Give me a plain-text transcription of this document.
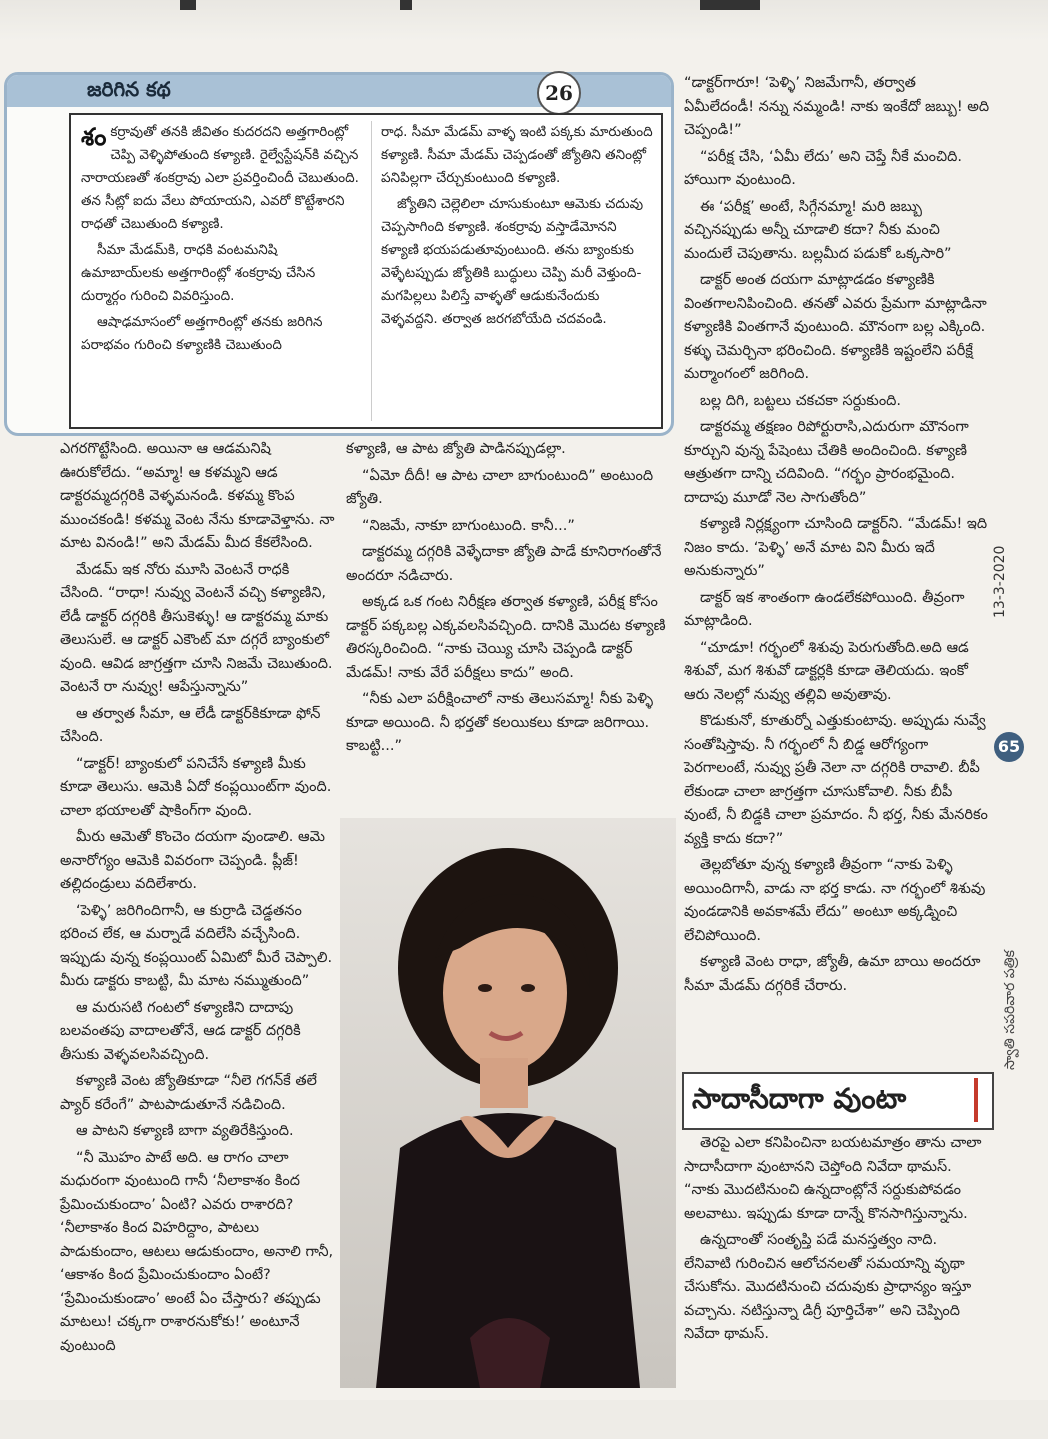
జరిగిన కథ	26

శంకర్రావుతో తనకి జీవితం కుదరదని అత్తగారింట్లో చెప్పి వెళ్ళిపోతుంది కళ్యాణి. రైల్వేస్టేషన్‌కి వచ్చిన నారాయణతో శంకర్రావు ఎలా ప్రవర్తించిందీ చెబుతుంది. తన సీట్లో ఐదు వేలు పోయాయని, ఎవరో కొట్టేశారని రాధతో చెబుతుంది కళ్యాణి.

సీమా మేడమ్‌కి, రాధకి వంటమనిషి ఉమాబాయ్‌లకు అత్తగారింట్లో శంకర్రావు చేసిన దుర్మార్గం గురించి వివరిస్తుంది.

ఆషాఢమాసంలో అత్తగారింట్లో తనకు జరిగిన పరాభవం గురించి కళ్యాణికి చెబుతుంది

రాధ. సీమా మేడమ్ వాళ్ళ ఇంటి పక్కకు మారుతుంది కళ్యాణి. సీమా మేడమ్ చెప్పడంతో జ్యోతిని తనింట్లో పనిపిల్లగా చేర్చుకుంటుంది కళ్యాణి.

జ్యోతిని చెల్లెలిలా చూసుకుంటూ ఆమెకు చదువు చెప్పసాగింది కళ్యాణి. శంకర్రావు వస్తాడేమోనని కళ్యాణి భయపడుతూవుంటుంది. తను బ్యాంకుకు వెళ్ళేటప్పుడు జ్యోతికి బుద్ధులు చెప్పి మరీ వెళ్తుంది- మగపిల్లలు పిలిస్తే వాళ్ళతో ఆడుకునేందుకు వెళ్ళవద్దని. తర్వాత జరగబోయేది చదవండి.

ఎగరగొట్టేసింది. అయినా ఆ ఆడమనిషి ఊరుకోలేదు. “అమ్మా! ఆ కళమ్మని ఆడ డాక్టరమ్మదగ్గరికి వెళ్ళమనండి. కళమ్మ కొంప ముంచకండి! కళమ్మ వెంట నేను కూడావెళ్తాను. నా మాట వినండి!” అని మేడమ్ మీద కేకలేసింది.

మేడమ్ ఇక నోరు మూసి వెంటనే రాధకి చేసింది. “రాధా! నువ్వు వెంటనే వచ్చి కళ్యాణిని, లేడీ డాక్టర్ దగ్గరికి తీసుకెళ్ళు! ఆ డాక్టరమ్మ మాకు తెలుసులే. ఆ డాక్టర్ ఎకౌంట్ మా దగ్గరే బ్యాంకులో వుంది. ఆవిడ జాగ్రత్తగా చూసి నిజమే చెబుతుంది. వెంటనే రా నువ్వు! ఆపేస్తున్నాను”

ఆ తర్వాత సీమా, ఆ లేడీ డాక్టర్‌కికూడా ఫోన్ చేసింది.

“డాక్టర్! బ్యాంకులో పనిచేసే కళ్యాణి మీకు కూడా తెలుసు. ఆమెకి ఏదో కంప్లయింట్‌గా వుంది. చాలా భయాలతో షాకింగ్‌గా వుంది.

మీరు ఆమెతో కొంచెం దయగా వుండాలి. ఆమె అనారోగ్యం ఆమెకి వివరంగా చెప్పండి. ప్లీజ్! తల్లిదండ్రులు వదిలేశారు.

‘పెళ్ళి’ జరిగిందిగానీ, ఆ కుర్రాడి చెడ్డతనం భరించ లేక, ఆ మర్నాడే వదిలేసి వచ్చేసింది. ఇప్పుడు వున్న కంప్లయింట్ ఏమిటో మీరే చెప్పాలి. మీరు డాక్టరు కాబట్టి, మీ మాట నమ్ముతుంది”

ఆ మరుసటి గంటలో కళ్యాణిని దాదాపు బలవంతపు వాదాలతోనే, ఆడ డాక్టర్ దగ్గరికి తీసుకు వెళ్ళవలసివచ్చింది.

కళ్యాణి వెంట జ్యోతికూడా “నీలె గగన్‌కే తలే ప్యార్ కరేంగే” పాటపాడుతూనే నడిచింది.

ఆ పాటని కళ్యాణి బాగా వ్యతిరేకిస్తుంది.

“నీ మొహం పాటే అది. ఆ రాగం చాలా మధురంగా వుంటుంది గానీ ‘నీలాకాశం కింద ప్రేమించుకుందాం’ ఏంటి? ఎవరు రాశారది? ‘నీలాకాశం కింద విహరిద్దాం, పాటలు పాడుకుందాం, ఆటలు ఆడుకుందాం, అనాలి గానీ, ‘ఆకాశం కింద ప్రేమించుకుందాం ఏంటే? ‘ప్రేమించుకుండాం’ అంటే ఏం చేస్తారు? తప్పుడు మాటలు! చక్కగా రాశారనుకోకు!’ అంటూనే వుంటుంది

కళ్యాణి, ఆ పాట జ్యోతి పాడినప్పుడల్లా.

“ఏమో దీదీ! ఆ పాట చాలా బాగుంటుంది” అంటుంది జ్యోతి.

“నిజమే, నాకూ బాగుంటుంది. కానీ...”

డాక్టరమ్మ దగ్గరికి వెళ్ళేదాకా జ్యోతి పాడే కూనిరాగంతోనే అందరూ నడిచారు.

అక్కడ ఒక గంట నిరీక్షణ తర్వాత కళ్యాణి, పరీక్ష కోసం డాక్టర్ పక్కబల్ల ఎక్కవలసివచ్చింది. దానికి మొదట కళ్యాణి తిరస్కరించింది. “నాకు చెయ్యి చూసి చెప్పండి డాక్టర్ మేడమ్! నాకు వేరే పరీక్షలు కాదు” అంది.

“నీకు ఎలా పరీక్షించాలో నాకు తెలుసమ్మా! నీకు పెళ్ళి కూడా అయింది. నీ భర్తతో కలయికలు కూడా జరిగాయి. కాబట్టి...”

“డాక్టర్‌గారూ! ‘పెళ్ళి’ నిజమేగానీ, తర్వాత ఏమీలేదండీ! నన్ను నమ్మండి! నాకు ఇంకేదో జబ్బు! అది చెప్పండి!”

“పరీక్ష చేసి, ‘ఏమీ లేదు’ అని చెప్తే నీకే మంచిది. హాయిగా వుంటుంది.

ఈ ‘పరీక్ష’ అంటే, సిగ్గేనమ్మా! మరి జబ్బు వచ్చినప్పుడు అన్నీ చూడాలి కదా? నీకు మంచి మందులే చెపుతాను. బల్లమీద పడుకో ఒక్కసారి”

డాక్టర్ అంత దయగా మాట్లాడడం కళ్యాణికి వింతగాలనిపించింది. తనతో ఎవరు ప్రేమగా మాట్లాడినా కళ్యాణికి వింతగానే వుంటుంది. మౌనంగా బల్ల ఎక్కింది. కళ్ళు చెమర్చినా భరించింది. కళ్యాణికి ఇష్టంలేని పరీక్షే మర్మాంగంలో జరిగింది.

బల్ల దిగి, బట్టలు చకచకా సర్దుకుంది.

డాక్టరమ్మ తక్షణం రిపోర్టురాసి,ఎదురుగా మౌనంగా కూర్చుని వున్న పేషెంటు చేతికి అందించింది. కళ్యాణి ఆత్రుతగా దాన్ని చదివింది. “గర్భం ప్రారంభమైంది. దాదాపు మూడో నెల సాగుతోంది”

కళ్యాణి నిర్లక్ష్యంగా చూసింది డాక్టర్‌ని. “మేడమ్! ఇది నిజం కాదు. ‘పెళ్ళి’ అనే మాట విని మీరు ఇదే అనుకున్నారు”

డాక్టర్ ఇక శాంతంగా ఉండలేకపోయింది. తీవ్రంగా మాట్లాడింది.

“చూడూ! గర్భంలో శిశువు పెరుగుతోంది.అది ఆడ శిశువో, మగ శిశువో డాక్టర్లకి కూడా తెలియదు. ఇంకో ఆరు నెలల్లో నువ్వు తల్లివి అవుతావు.

కొడుకునో, కూతుర్నో ఎత్తుకుంటావు. అప్పుడు నువ్వే సంతోషిస్తావు. నీ గర్భంలో నీ బిడ్డ ఆరోగ్యంగా పెరగాలంటే, నువ్వు ప్రతీ నెలా నా దగ్గరికి రావాలి. బీపీ లేకుండా చాలా జాగ్రత్తగా చూసుకోవాలి. నీకు బీపీ వుంటే, నీ బిడ్డకి చాలా ప్రమాదం. నీ భర్త, నీకు మేనరికం వ్యక్తి కాదు కదా?”

తెల్లబోతూ వున్న కళ్యాణి తీవ్రంగా “నాకు పెళ్ళి అయిందిగానీ, వాడు నా భర్త కాడు. నా గర్భంలో శిశువు వుండడానికి అవకాశమే లేదు” అంటూ అక్కడ్నించి లేచిపోయింది.

కళ్యాణి వెంట రాధా, జ్యోతీ, ఉమా బాయి అందరూ సీమా మేడమ్ దగ్గరికే చేరారు.

సాదాసీదాగా వుంటా

తెరపై ఎలా కనిపించినా బయటమాత్రం తాను చాలా సాదాసీదాగా వుంటానని చెప్తోంది నివేదా థామస్. “నాకు మొదటినుంచి ఉన్నదాంట్లోనే సర్దుకుపోవడం అలవాటు. ఇప్పుడు కూడా దాన్నే కొనసాగిస్తున్నాను.

ఉన్నదాంతో సంతృప్తి పడే మనస్తత్వం నాది. లేనివాటి గురించిన ఆలోచనలతో సమయాన్ని వృథా చేసుకోను. మొదటినుంచి చదువుకు ప్రాధాన్యం ఇస్తూ వచ్చాను. నటిస్తున్నా డిగ్రీ పూర్తిచేశా” అని చెప్పింది నివేదా థామస్.

13-3-2020
65
స్వాతి సపరివార పత్రిక
